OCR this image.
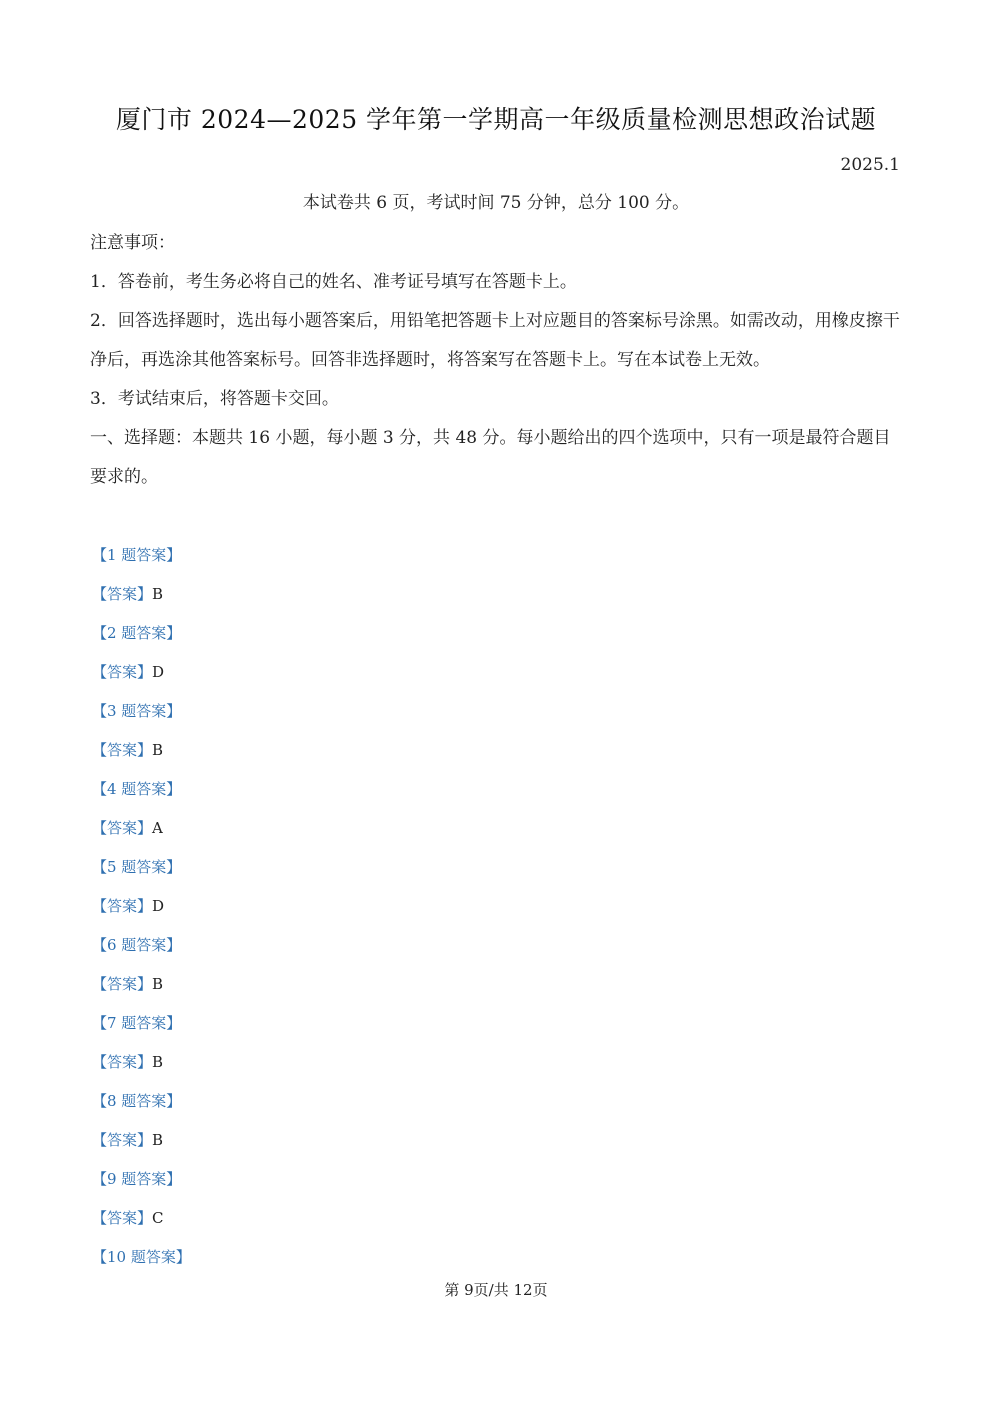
厦门市 2024—2025 学年第一学期高一年级质量检测思想政治试题
2025.1
本试卷共 6 页，考试时间 75 分钟，总分 100 分。

注意事项：

1．答卷前，考生务必将自己的姓名、准考证号填写在答题卡上。

2．回答选择题时，选出每小题答案后，用铅笔把答题卡上对应题目的答案标号涂黑。如需改动，用橡皮擦干净后，再选涂其他答案标号。回答非选择题时，将答案写在答题卡上。写在本试卷上无效。

3．考试结束后，将答题卡交回。

一、选择题：本题共 16 小题，每小题 3 分，共 48 分。每小题给出的四个选项中，只有一项是最符合题目要求的。

【1 题答案】
【答案】B
【2 题答案】
【答案】D
【3 题答案】
【答案】B
【4 题答案】
【答案】A
【5 题答案】
【答案】D
【6 题答案】
【答案】B
【7 题答案】
【答案】B
【8 题答案】
【答案】B
【9 题答案】
【答案】C
【10 题答案】
第 9页/共 12页
